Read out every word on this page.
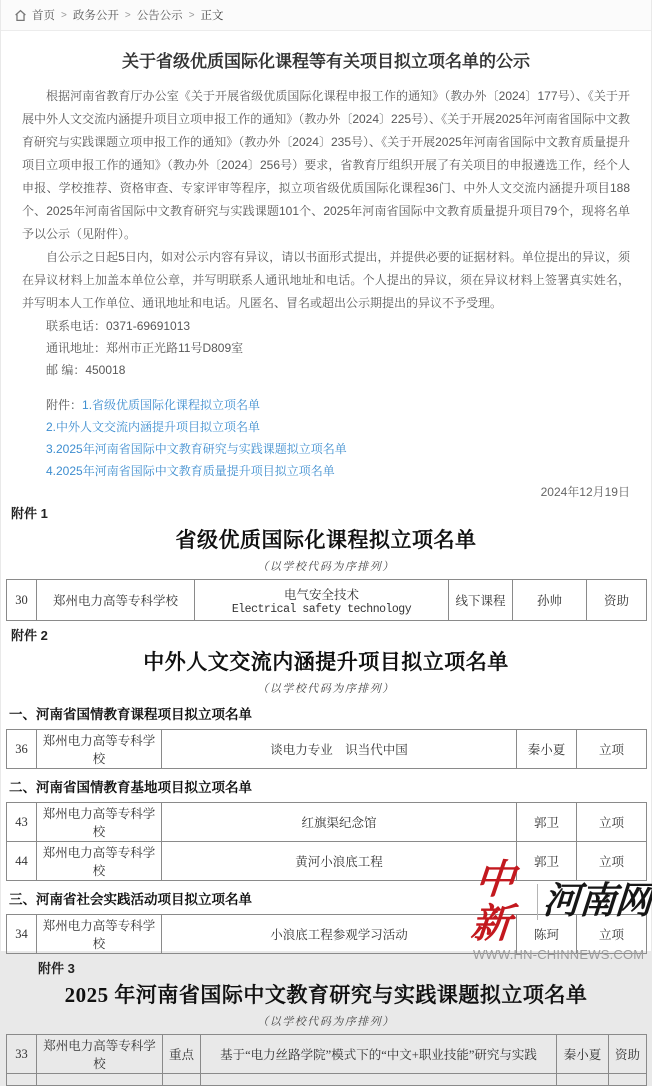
首页 > 政务公开 > 公告公示 > 正文
关于省级优质国际化课程等有关项目拟立项名单的公示

根据河南省教育厅办公室《关于开展省级优质国际化课程申报工作的通知》（教办外〔2024〕177号）、《关于开展中外人文交流内涵提升项目立项申报工作的通知》（教办外〔2024〕225号）、《关于开展2025年河南省国际中文教育研究与实践课题立项申报工作的通知》（教办外〔2024〕235号）、《关于开展2025年河南省国际中文教育质量提升项目立项申报工作的通知》（教办外〔2024〕256号）要求，省教育厅组织开展了有关项目的申报遴选工作，经个人申报、学校推荐、资格审查、专家评审等程序，拟立项省级优质国际化课程36门、中外人文交流内涵提升项目188个、2025年河南省国际中文教育研究与实践课题101个、2025年河南省国际中文教育质量提升项目79个，现将名单予以公示（见附件）。

自公示之日起5日内，如对公示内容有异议，请以书面形式提出，并提供必要的证据材料。单位提出的异议，须在异议材料上加盖本单位公章，并写明联系人通讯地址和电话。个人提出的异议，须在异议材料上签署真实姓名，并写明本人工作单位、通讯地址和电话。凡匿名、冒名或超出公示期提出的异议不予受理。

联系电话：0371-69691013

通讯地址：郑州市正光路11号D809室

邮 编：450018

附件：1.省级优质国际化课程拟立项名单

2.中外人文交流内涵提升项目拟立项名单

3.2025年河南省国际中文教育研究与实践课题拟立项名单

4.2025年河南省国际中文教育质量提升项目拟立项名单

2024年12月19日
附件 1
省级优质国际化课程拟立项名单
（以学校代码为序排列）
30	郑州电力高等专科学校	电气安全技术
Electrical safety technology
	线下课程	孙帅	资助
附件 2
中外人文交流内涵提升项目拟立项名单
（以学校代码为序排列）
一、河南省国情教育课程项目拟立项名单
36	郑州电力高等专科学校	谈电力专业　识当代中国	秦小夏	立项
二、河南省国情教育基地项目拟立项名单
43	郑州电力高等专科学校	红旗渠纪念馆	郭卫	立项
44	郑州电力高等专科学校	黄河小浪底工程	郭卫	立项
三、河南省社会实践活动项目拟立项名单
34	郑州电力高等专科学校	小浪底工程参观学习活动	陈珂	立项
附件 3
2025 年河南省国际中文教育研究与实践课题拟立项名单
（以学校代码为序排列）
33	郑州电力高等专科学校	重点	基于“电力丝路学院”模式下的“中文+职业技能”研究与实践	秦小夏	资助

中新 河南网
WWW.HN-CHINNEWS.COM
